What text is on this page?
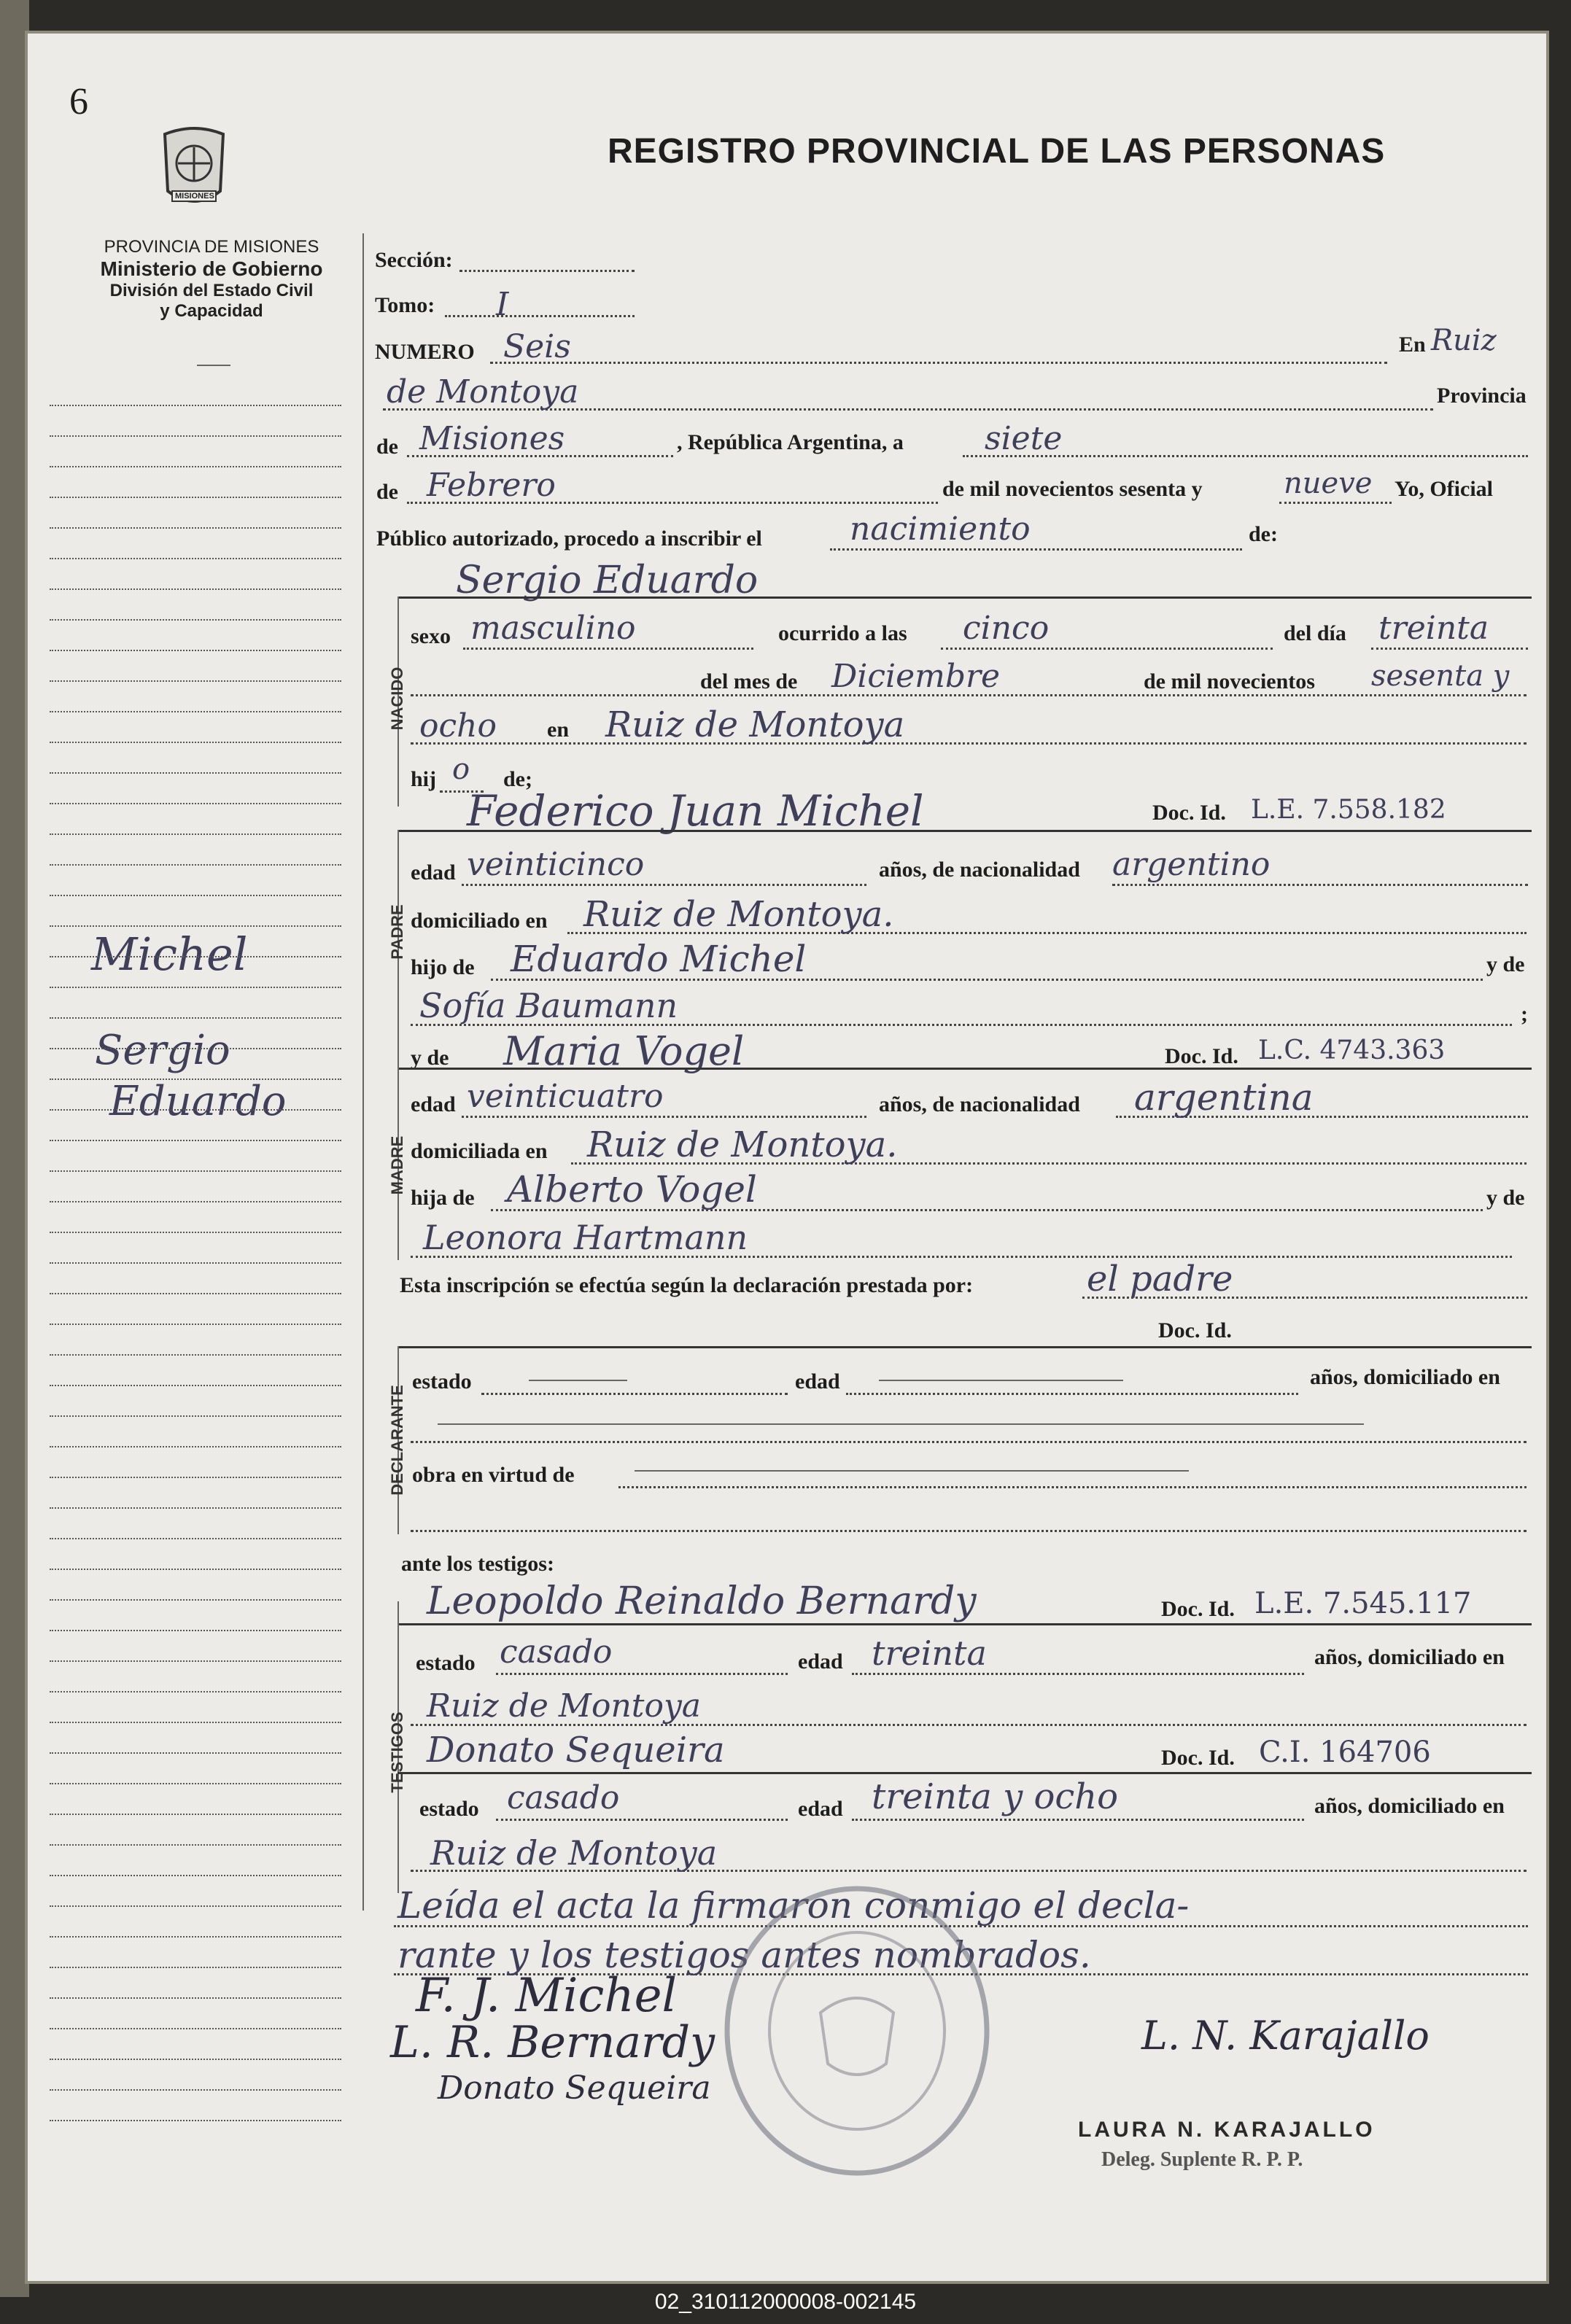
6
MISIONES
REGISTRO PROVINCIAL DE LAS PERSONAS
PROVINCIA DE MISIONES
Ministerio de Gobierno
División del Estado Civil
y Capacidad
Michel
Sergio
Eduardo
Sección:
Tomo: I
NUMERO Seis	En Ruiz
de Montoya	Provincia
de Misiones	, República Argentina, a	siete
de Febrero	de mil novecientos sesenta y	nueve Yo, Oficial
Público autorizado, procedo a inscribir el	nacimiento	de:
Sergio Eduardo
NACIDO
sexo masculino	ocurrido a las cinco	del día treinta
del mes de Diciembre	de mil novecientos sesenta y
ocho en Ruiz de Montoya
hij o de;
Federico Juan Michel	Doc. Id. L.E. 7.558.182
PADRE
edad veinticinco	años, de nacionalidad argentino
domiciliado en Ruiz de Montoya.
hijo de Eduardo Michel	y de
Sofía Baumann	;
y de Maria Vogel	Doc. Id. L.C. 4743.363
MADRE
edad veinticuatro	años, de nacionalidad argentina
domiciliada en Ruiz de Montoya.
hija de Alberto Vogel	y de
Leonora Hartmann
Esta inscripción se efectúa según la declaración prestada por:	el padre
Doc. Id.
DECLARANTE
estado	edad	años, domiciliado en
obra en virtud de
ante los testigos:
Leopoldo Reinaldo Bernardy	Doc. Id. L.E. 7.545.117
TESTIGOS
estado casado	edad treinta	años, domiciliado en
Ruiz de Montoya
Donato Sequeira	Doc. Id. C.I. 164706
estado casado	edad treinta y ocho	años, domiciliado en
Ruiz de Montoya
Leída el acta la firmaron conmigo el decla-
rante y los testigos antes nombrados.
F. J. Michel
L. R. Bernardy
Donato Sequeira
L. N. Karajallo
LAURA N. KARAJALLO
Deleg. Suplente R. P. P.
02_310112000008-002145
